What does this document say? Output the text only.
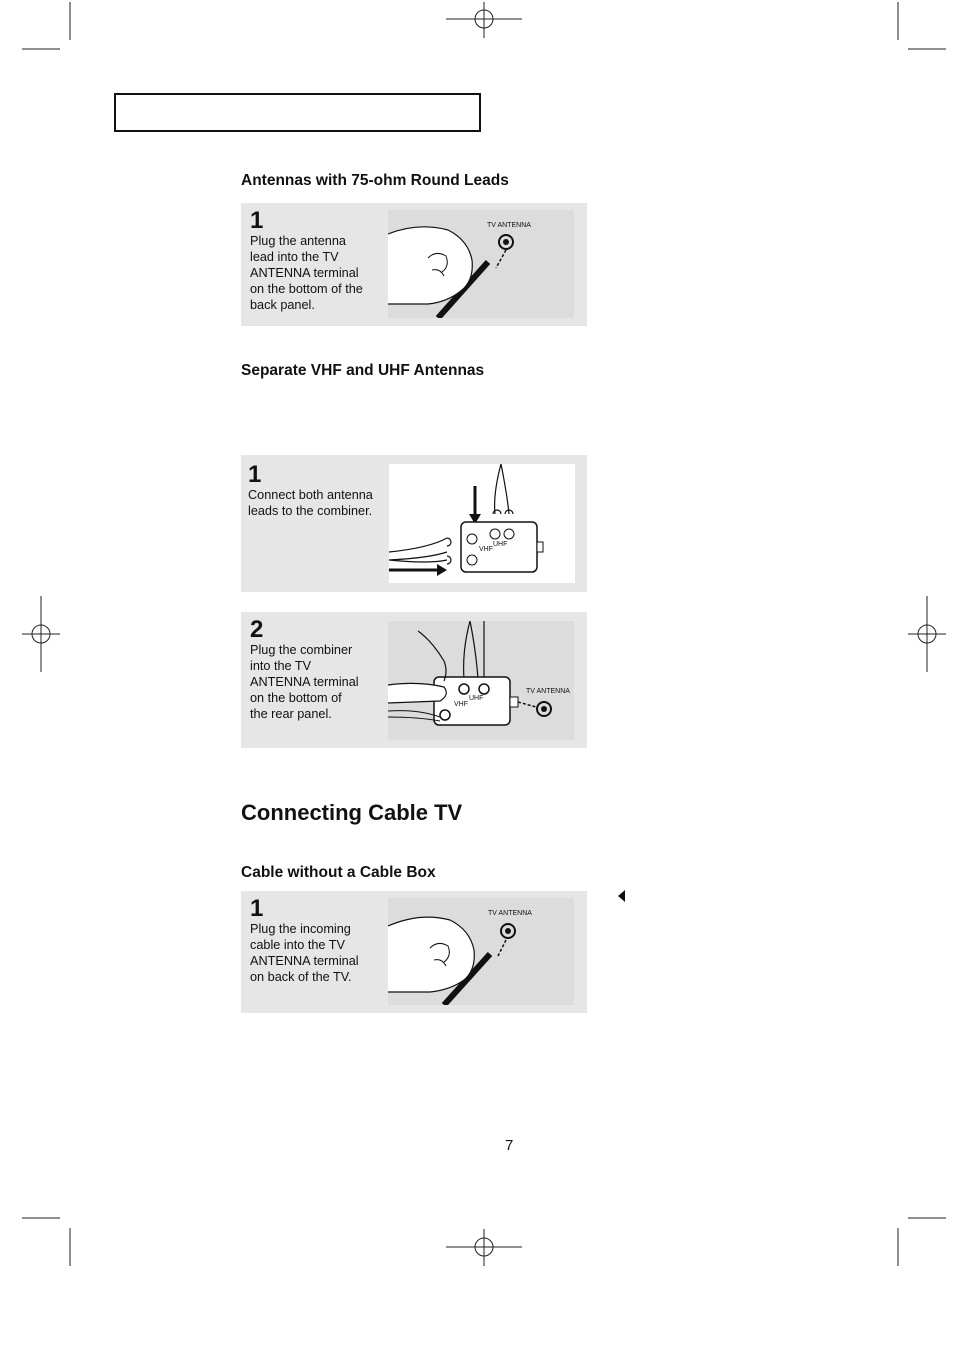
Antennas with 75-ohm Round Leads
1
Plug the antenna
lead into the TV
ANTENNA terminal
on the bottom of the
back panel.
TV ANTENNA
Separate VHF and UHF Antennas
1
Connect both antenna
leads to the combiner.
VHF
UHF
2
Plug the combiner
into the TV
ANTENNA terminal
on the bottom of
the rear panel.
VHF
UHF
TV ANTENNA
Connecting Cable TV
Cable without a Cable Box
1
Plug the incoming
cable into the TV
ANTENNA terminal
on back of the TV.
TV ANTENNA
7
